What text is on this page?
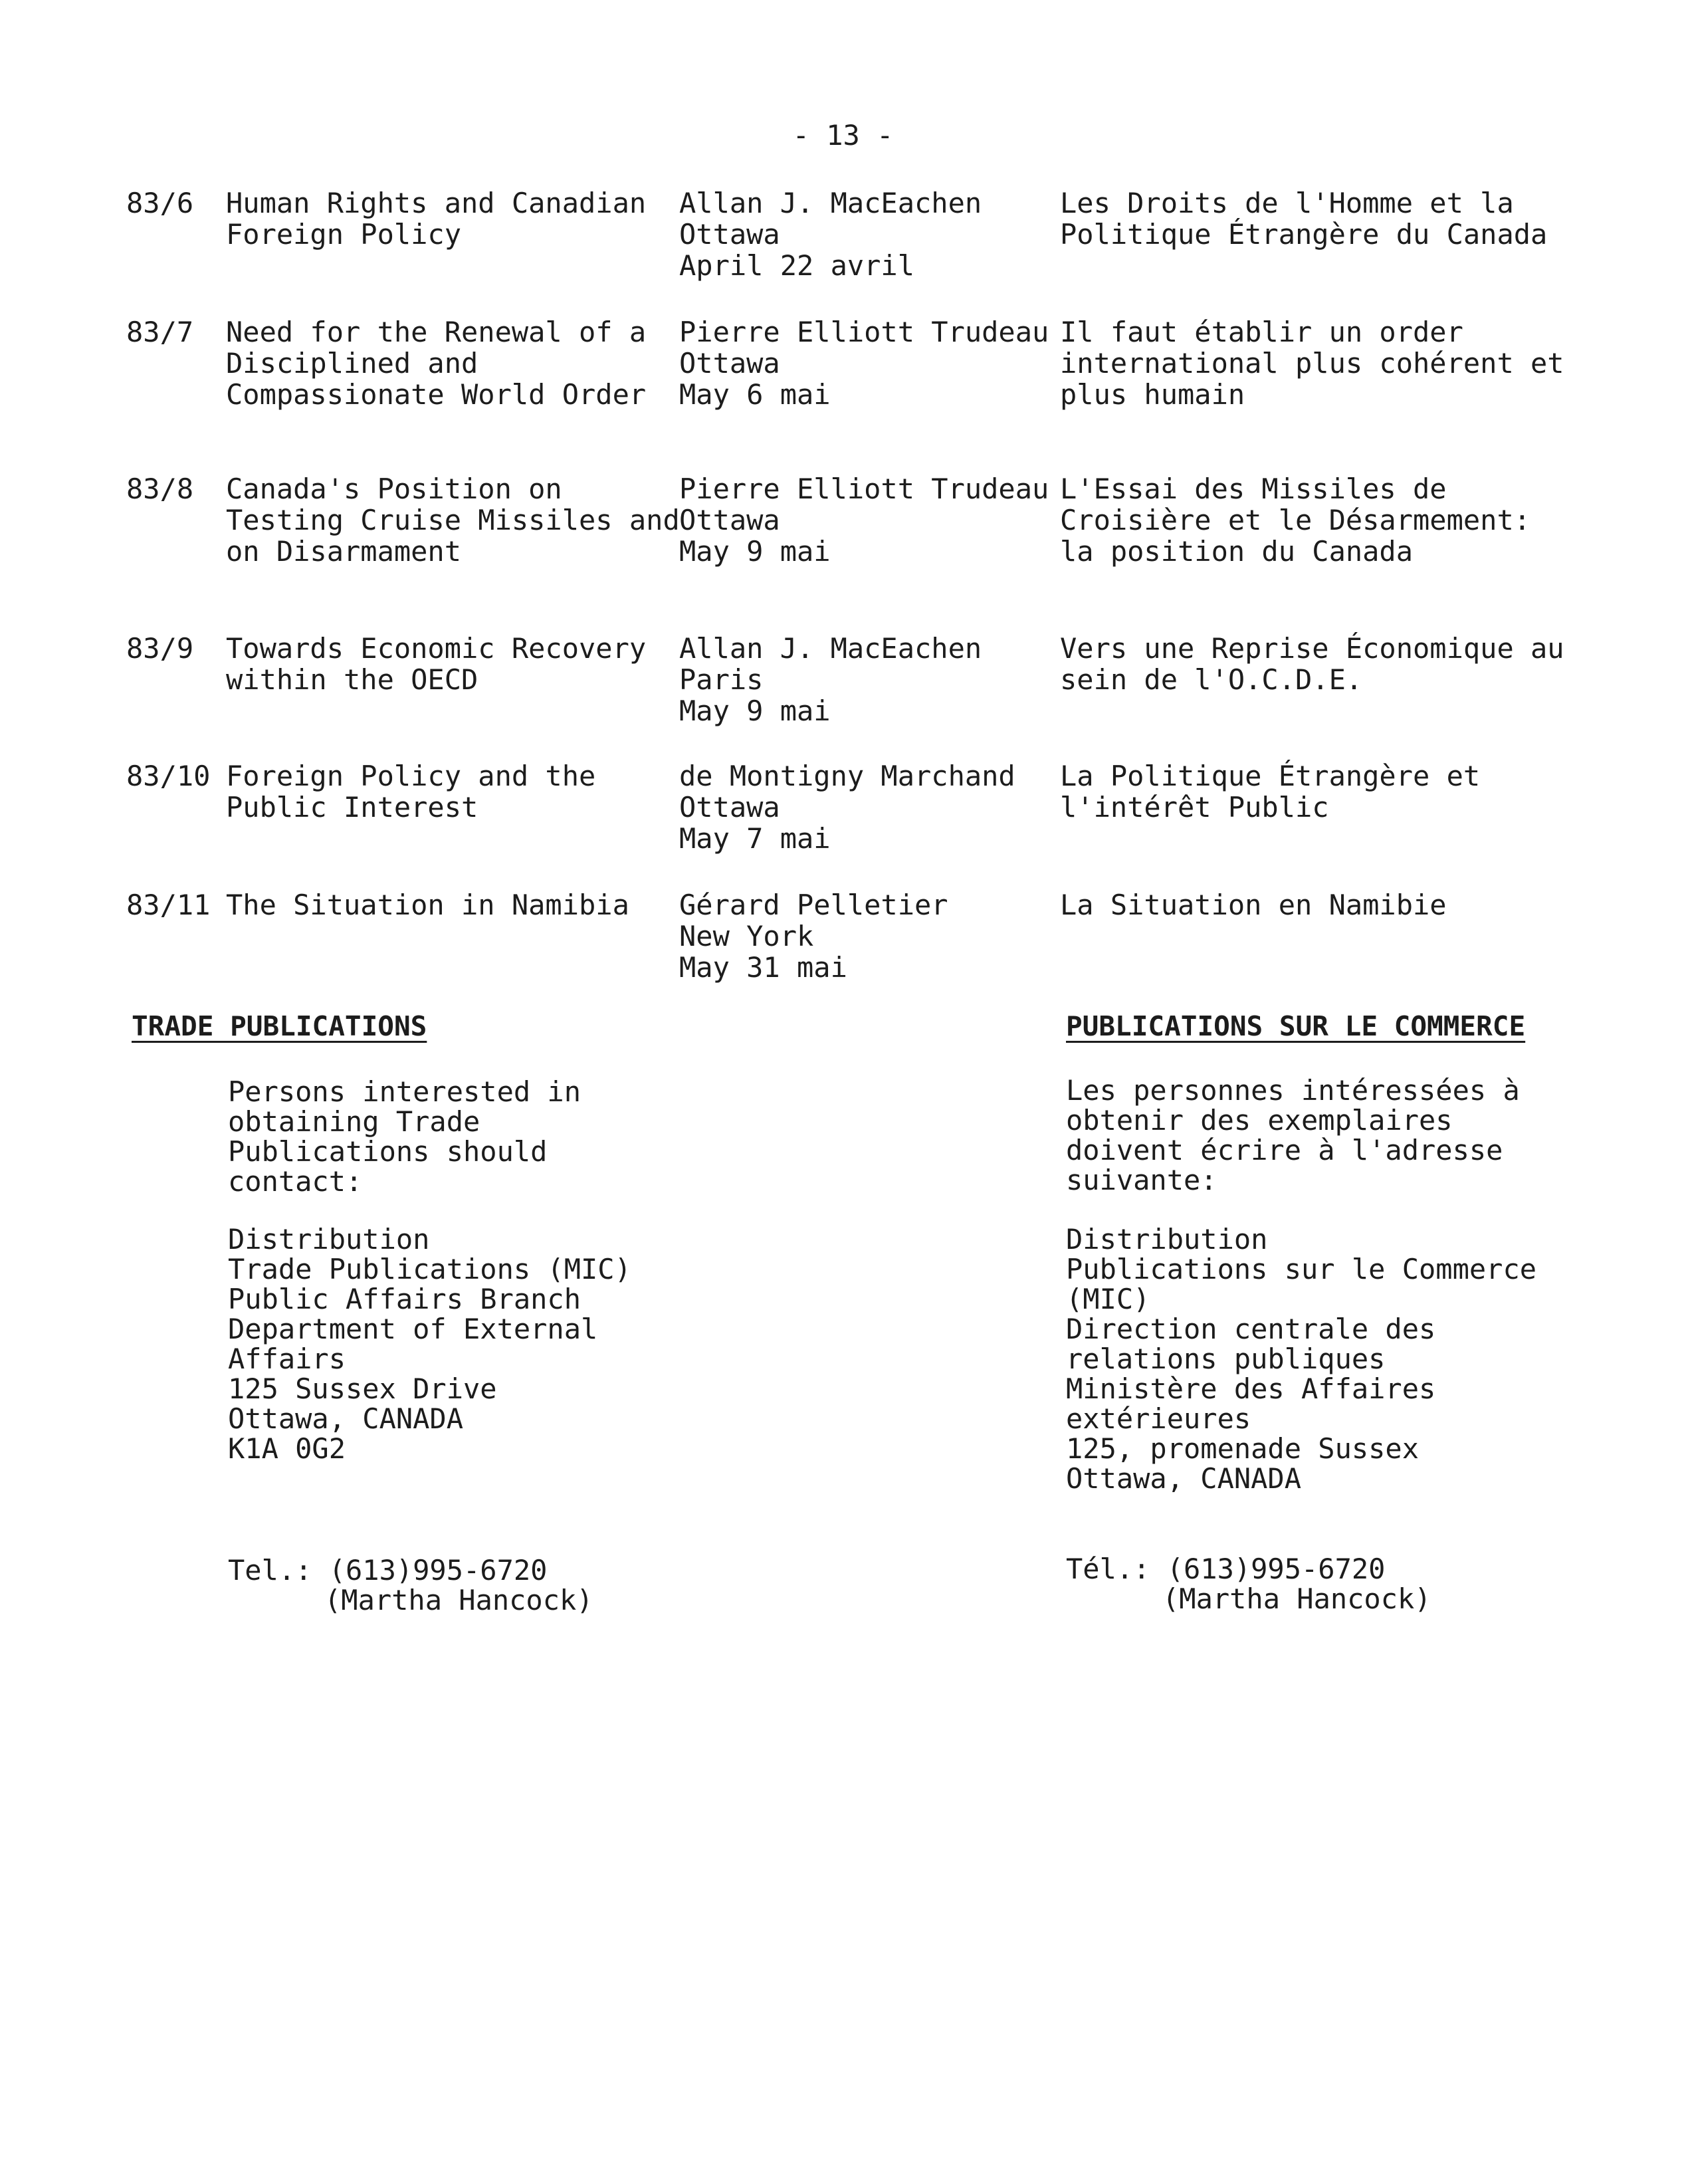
- 13 -
83/6 Human Rights and Canadian
Foreign Policy
Allan J. MacEachen
Ottawa
April 22 avril
Les Droits de l'Homme et la
Politique Étrangère du Canada
83/7 Need for the Renewal of a
Disciplined and
Compassionate World Order
Pierre Elliott Trudeau
Ottawa
May 6 mai
Il faut établir un order
international plus cohérent et
plus humain
83/8 Canada's Position on
Testing Cruise Missiles and
on Disarmament
Pierre Elliott Trudeau
Ottawa
May 9 mai
L'Essai des Missiles de
Croisière et le Désarmement:
la position du Canada
83/9 Towards Economic Recovery
within the OECD
Allan J. MacEachen
Paris
May 9 mai
Vers une Reprise Économique au
sein de l'O.C.D.E.
83/10 Foreign Policy and the
Public Interest
de Montigny Marchand
Ottawa
May 7 mai
La Politique Étrangère et
l'intérêt Public
83/11 The Situation in Namibia Gérard Pelletier
New York
May 31 mai
La Situation en Namibie
TRADE PUBLICATIONS	PUBLICATIONS SUR LE COMMERCE
Persons interested in
obtaining Trade
Publications should
contact:
Les personnes intéressées à
obtenir des exemplaires
doivent écrire à l'adresse
suivante:
Distribution
Trade Publications (MIC)
Public Affairs Branch
Department of External
Affairs
125 Sussex Drive
Ottawa, CANADA
K1A 0G2
Distribution
Publications sur le Commerce
(MIC)
Direction centrale des
relations publiques
Ministère des Affaires
extérieures
125, promenade Sussex
Ottawa, CANADA
Tel.: (613)995-6720
(Martha Hancock)
Tél.: (613)995-6720
(Martha Hancock)
